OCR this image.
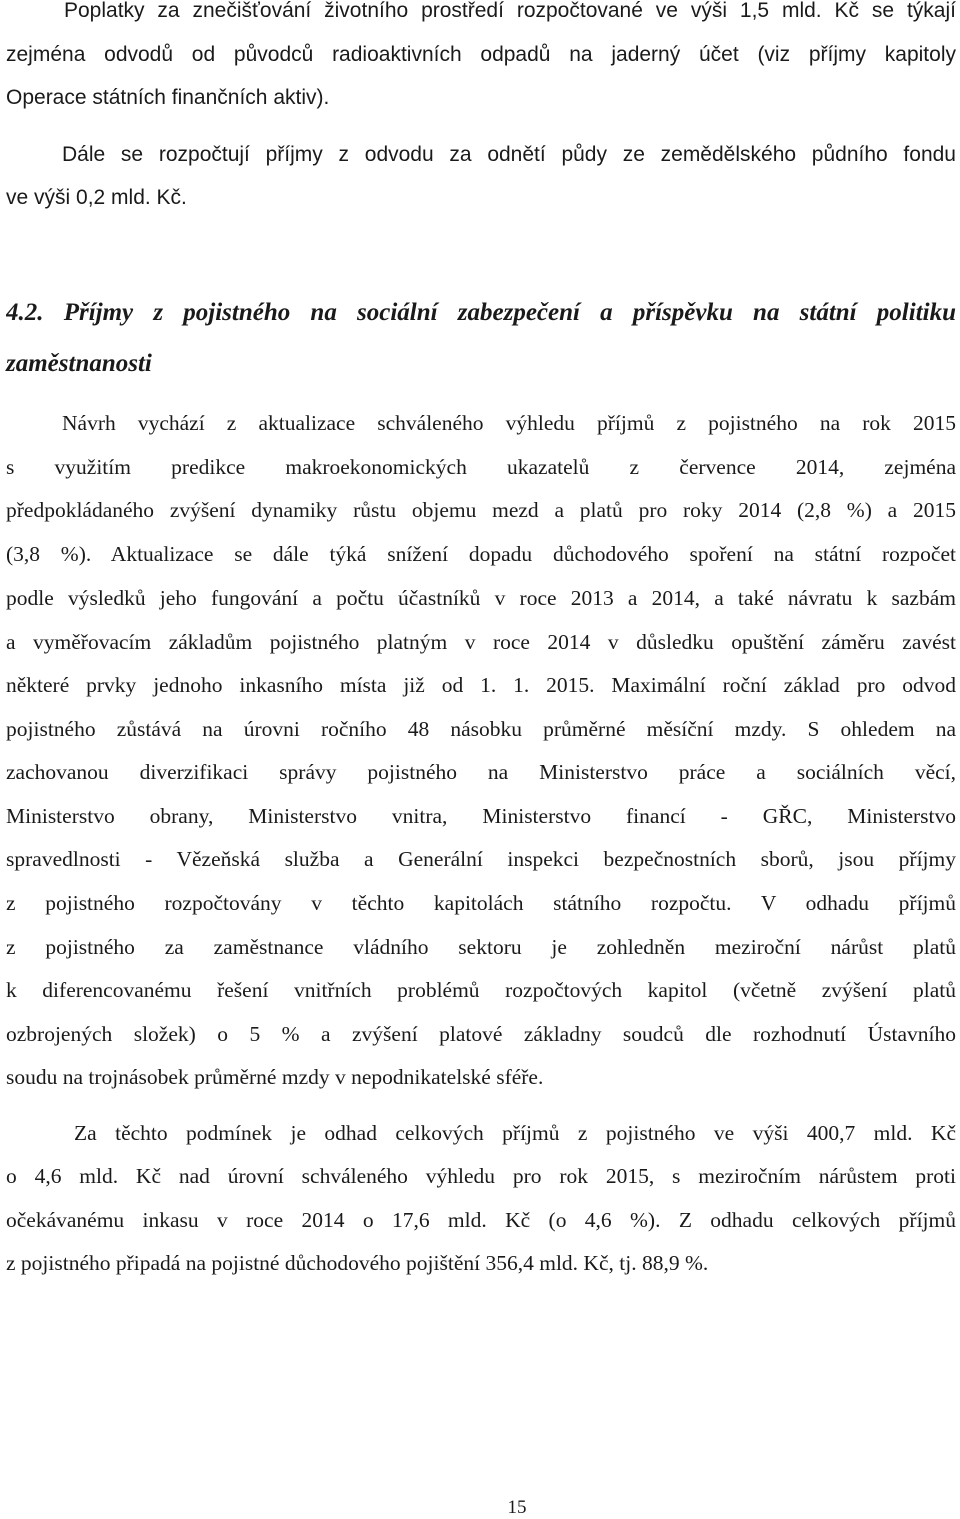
Poplatky za znečišťování životního prostředí rozpočtované ve výši 1,5 mld. Kč se týkají
zejména odvodů od původců radioaktivních odpadů na jaderný účet (viz příjmy kapitoly
Operace státních finančních aktiv).
Dále se rozpočtují příjmy z odvodu za odnětí půdy ze zemědělského půdního fondu
ve výši 0,2 mld. Kč.
4.2. Příjmy z pojistného na sociální zabezpečení a příspěvku na státní politiku
zaměstnanosti
Návrh vychází z aktualizace schváleného výhledu příjmů z pojistného na rok 2015
s využitím predikce makroekonomických ukazatelů z července 2014, zejména
předpokládaného zvýšení dynamiky růstu objemu mezd a platů pro roky 2014 (2,8 %) a 2015
(3,8 %). Aktualizace se dále týká snížení dopadu důchodového spoření na státní rozpočet
podle výsledků jeho fungování a počtu účastníků v roce 2013 a 2014, a také návratu k sazbám
a vyměřovacím základům pojistného platným v roce 2014 v důsledku opuštění záměru zavést
některé prvky jednoho inkasního místa již od 1. 1. 2015. Maximální roční základ pro odvod
pojistného zůstává na úrovni ročního 48 násobku průměrné měsíční mzdy. S ohledem na
zachovanou diverzifikaci správy pojistného na Ministerstvo práce a sociálních věcí,
Ministerstvo obrany, Ministerstvo vnitra, Ministerstvo financí - GŘC, Ministerstvo
spravedlnosti - Vězeňská služba a Generální inspekci bezpečnostních sborů, jsou příjmy
z pojistného rozpočtovány v těchto kapitolách státního rozpočtu. V odhadu příjmů
z pojistného za zaměstnance vládního sektoru je zohledněn meziroční nárůst platů
k diferencovanému řešení vnitřních problémů rozpočtových kapitol (včetně zvýšení platů
ozbrojených složek) o 5 % a zvýšení platové základny soudců dle rozhodnutí Ústavního
soudu na trojnásobek průměrné mzdy v nepodnikatelské sféře.
Za těchto podmínek je odhad celkových příjmů z pojistného ve výši 400,7 mld. Kč
o 4,6 mld. Kč nad úrovní schváleného výhledu pro rok 2015, s meziročním nárůstem proti
očekávanému inkasu v roce 2014 o 17,6 mld. Kč (o 4,6 %). Z odhadu celkových příjmů
z pojistného připadá na pojistné důchodového pojištění 356,4 mld. Kč, tj. 88,9 %.
15
